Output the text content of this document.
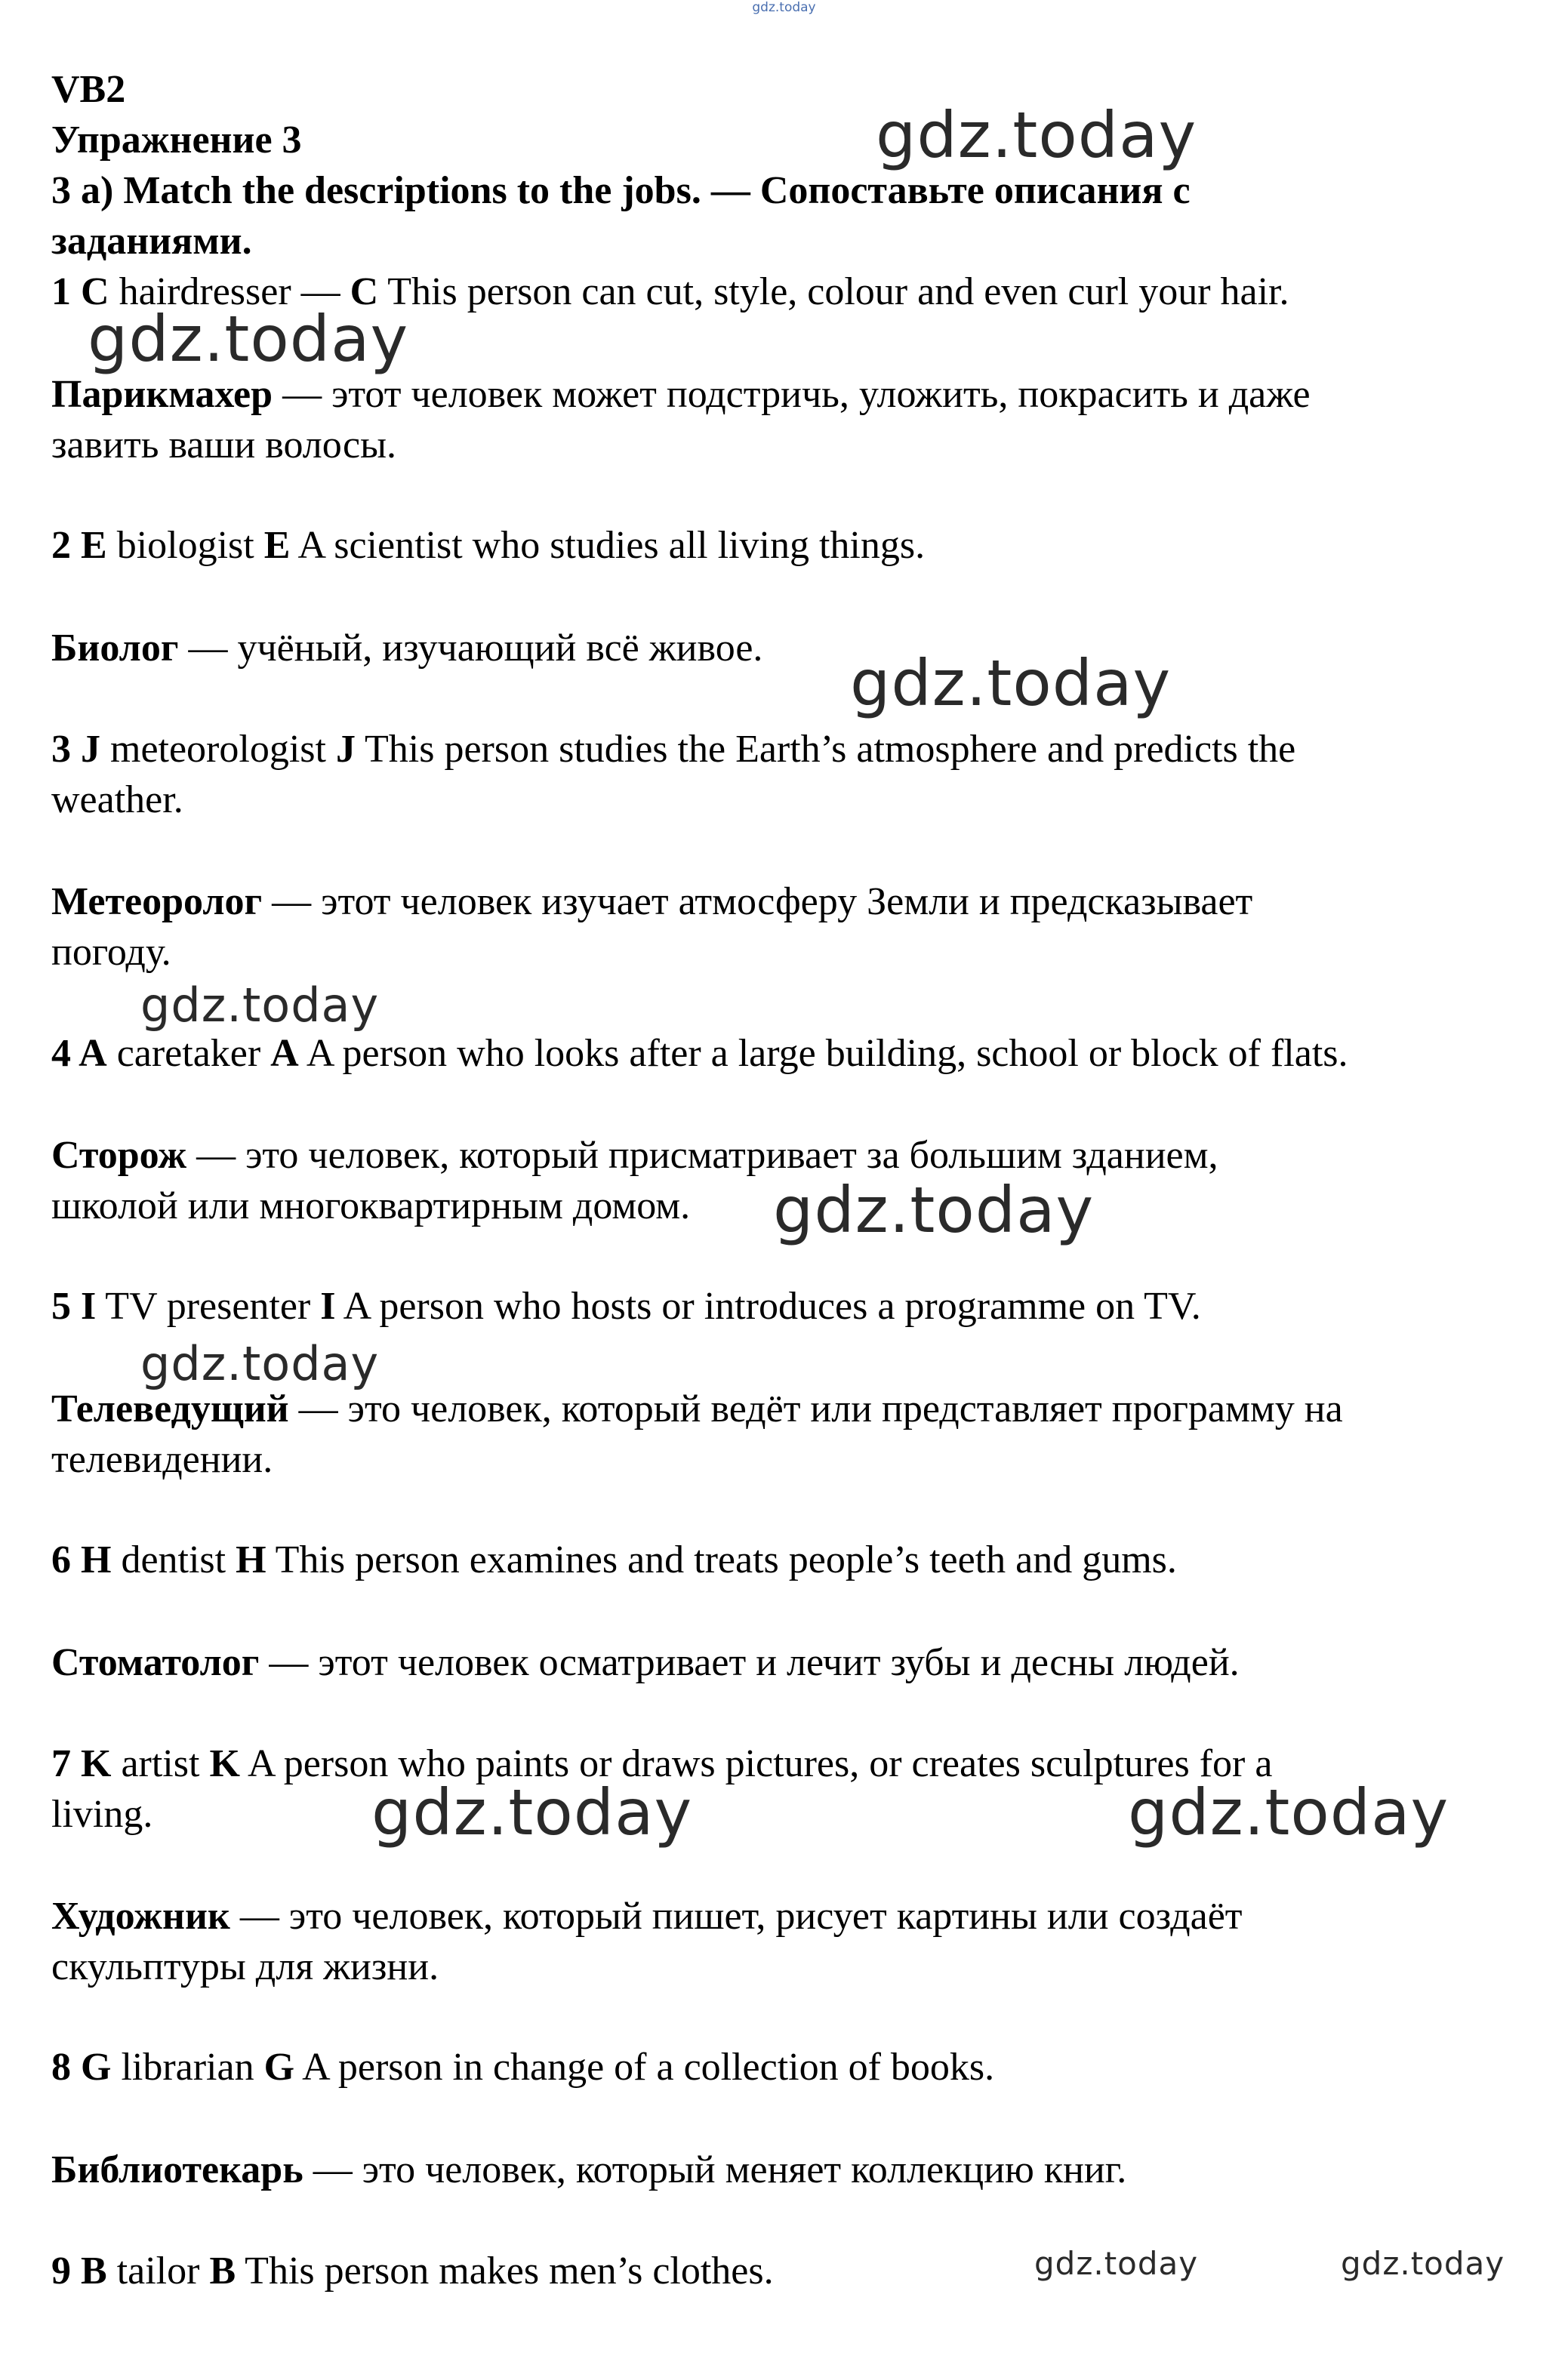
gdz.today
VB2
Упражнение 3
3 a) Match the descriptions to the jobs. — Сопоставьте описания с
заданиями.
1 C hairdresser — C This person can cut, style, colour and even curl your hair.
Парикмахер — этот человек может подстричь, уложить, покрасить и даже
завить ваши волосы.
2 E biologist E A scientist who studies all living things.
Биолог — учёный, изучающий всё живое.
3 J meteorologist J This person studies the Earth’s atmosphere and predicts the
weather.
Метеоролог — этот человек изучает атмосферу Земли и предсказывает
погоду.
4 A caretaker A A person who looks after a large building, school or block of flats.
Сторож — это человек, который присматривает за большим зданием,
школой или многоквартирным домом.
5 I TV presenter I A person who hosts or introduces a programme on TV.
Телеведущий — это человек, который ведёт или представляет программу на
телевидении.
6 H dentist H This person examines and treats people’s teeth and gums.
Стоматолог — этот человек осматривает и лечит зубы и десны людей.
7 K artist K A person who paints or draws pictures, or creates sculptures for a
living.
Художник — это человек, который пишет, рисует картины или создаёт
скульптуры для жизни.
8 G librarian G A person in change of a collection of books.
Библиотекарь — это человек, который меняет коллекцию книг.
9 B tailor B This person makes men’s clothes.
gdz.today
gdz.today
gdz.today
gdz.today
gdz.today
gdz.today
gdz.today	gdz.today
gdz.today	gdz.today
